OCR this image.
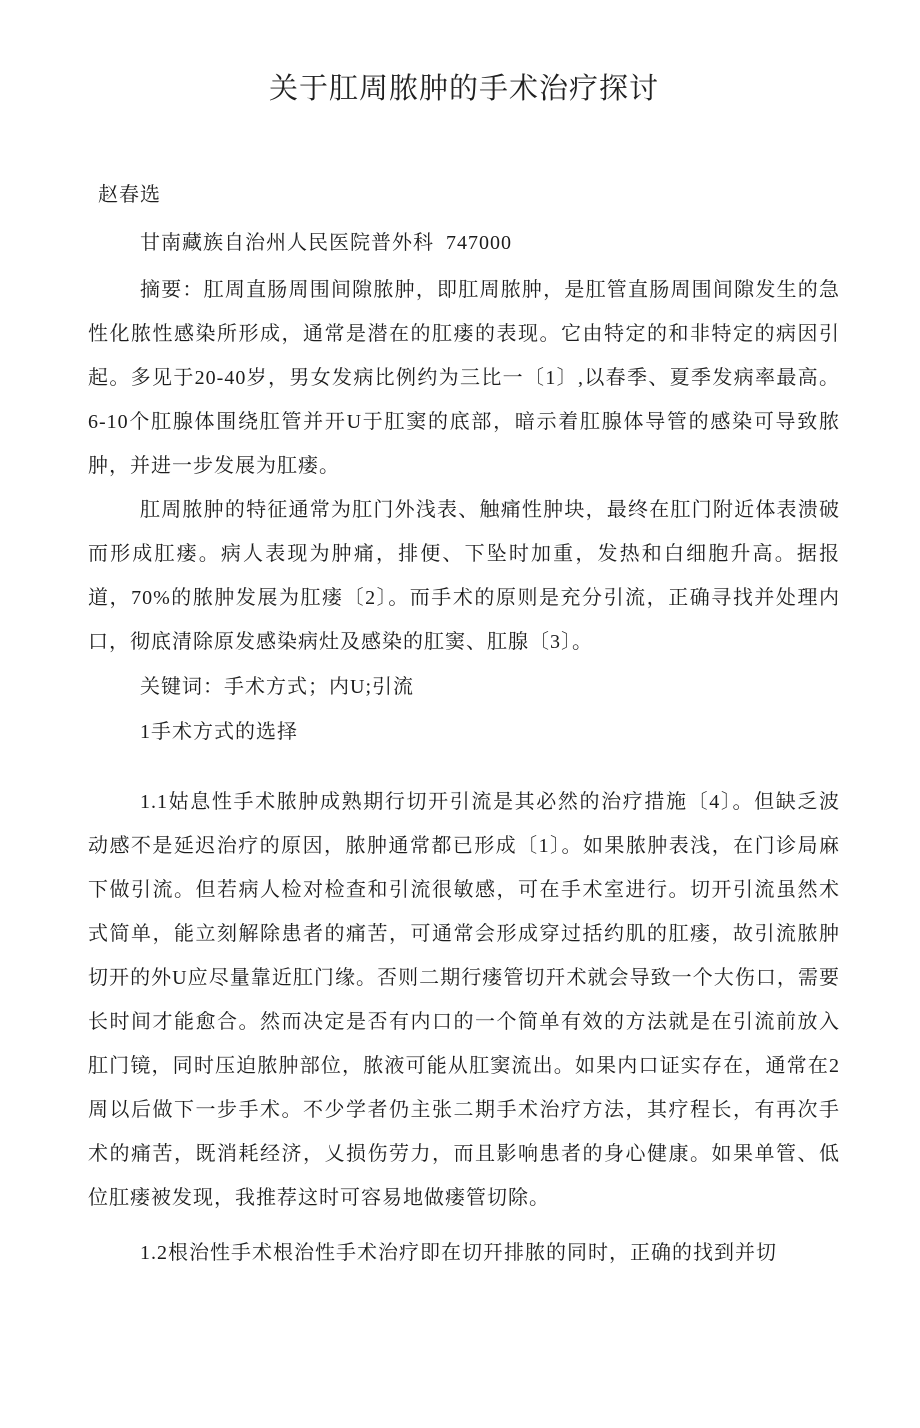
关于肛周脓肿的手术治疗探讨

赵春选

甘南藏族自治州人民医院普外科  747000

摘要：肛周直肠周围间隙脓肿，即肛周脓肿，是肛管直肠周围间隙发生的急性化脓性感染所形成，通常是潜在的肛瘘的表现。它由特定的和非特定的病因引起。多见于20-40岁，男女发病比例约为三比一〔1〕,以春季、夏季发病率最高。6-10个肛腺体围绕肛管并开U于肛窦的底部，暗示着肛腺体导管的感染可导致脓肿，并进一步发展为肛瘘。

肛周脓肿的特征通常为肛门外浅表、触痛性肿块，最终在肛门附近体表溃破而形成肛瘘。病人表现为肿痛，排便、下坠时加重，发热和白细胞升高。据报道，70%的脓肿发展为肛瘘〔2〕。而手术的原则是充分引流，正确寻找并处理内口，彻底清除原发感染病灶及感染的肛窦、肛腺〔3〕。

关键词：手术方式；内U;引流

1手术方式的选择

1.1姑息性手术脓肿成熟期行切开引流是其必然的治疗措施〔4〕。但缺乏波动感不是延迟治疗的原因，脓肿通常都已形成〔1〕。如果脓肿表浅，在门诊局麻下做引流。但若病人检对检查和引流很敏感，可在手术室进行。切开引流虽然术式简单，能立刻解除患者的痛苦，可通常会形成穿过括约肌的肛瘘，故引流脓肿切开的外U应尽量靠近肛门缘。否则二期行瘘管切幵术就会导致一个大伤口，需要长时间才能愈合。然而决定是否有内口的一个简单有效的方法就是在引流前放入肛门镜，同时压迫脓肿部位，脓液可能从肛窦流出。如果内口证实存在，通常在2周以后做下一步手术。不少学者仍主张二期手术治疗方法，其疗程长，有再次手术的痛苦，既消耗经济，乂损伤劳力，而且影响患者的身心健康。如果单管、低位肛瘘被发现，我推荐这时可容易地做瘘管切除。

1.2根治性手术根治性手术治疗即在切幵排脓的同时，正确的找到并切
